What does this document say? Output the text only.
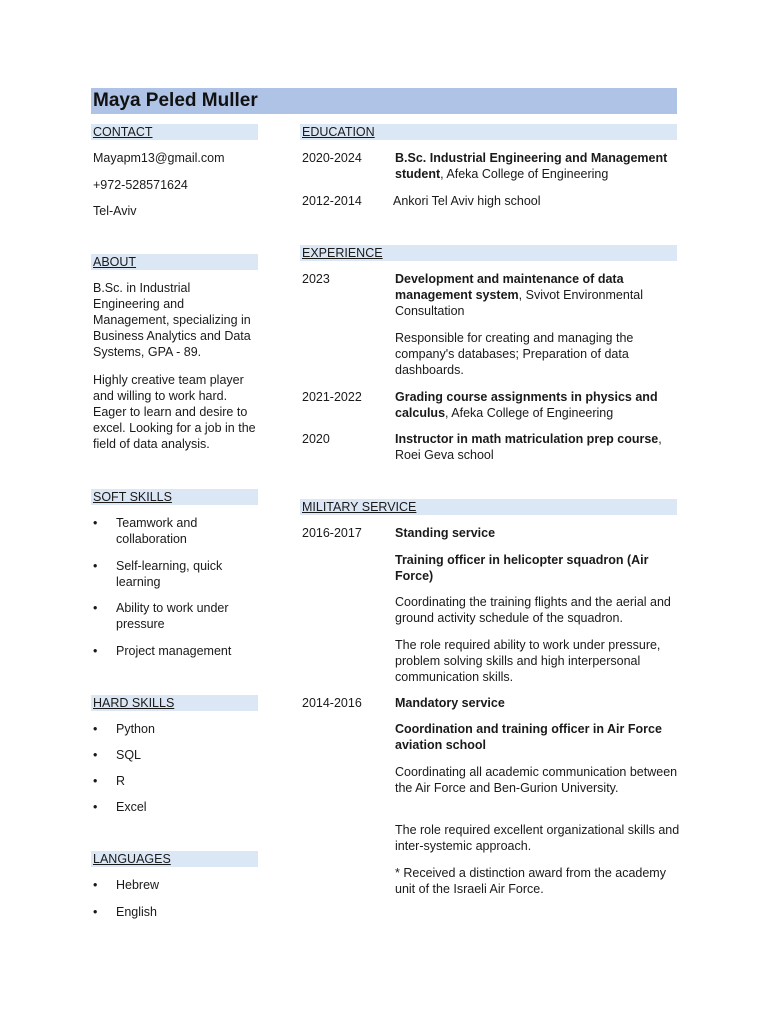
Maya Peled Muller
CONTACT
Mayapm13@gmail.com
+972-528571624
Tel-Aviv
ABOUT
B.Sc. in Industrial Engineering and Management, specializing in Business Analytics and Data Systems, GPA - 89.
Highly creative team player and willing to work hard. Eager to learn and desire to excel. Looking for a job in the field of data analysis.
SOFT SKILLS
• Teamwork and collaboration
• Self-learning, quick learning
• Ability to work under pressure
• Project management
HARD SKILLS
• Python
• SQL
• R
• Excel
LANGUAGES
• Hebrew
• English
EDUCATION
2020-2024	B.Sc. Industrial Engineering and Management student, Afeka College of Engineering
2012-2014 Ankori Tel Aviv high school
EXPERIENCE
2023	Development and maintenance of data management system, Svivot Environmental Consultation
Responsible for creating and managing the company's databases; Preparation of data dashboards.
2021-2022	Grading course assignments in physics and calculus, Afeka College of Engineering
2020	Instructor in math matriculation prep course, Roei Geva school
MILITARY SERVICE
2016-2017	Standing service
Training officer in helicopter squadron (Air Force)
Coordinating the training flights and the aerial and ground activity schedule of the squadron.
The role required ability to work under pressure, problem solving skills and high interpersonal communication skills.
2014-2016	Mandatory service
Coordination and training officer in Air Force aviation school
Coordinating all academic communication between the Air Force and Ben-Gurion University.
The role required excellent organizational skills and inter-systemic approach.
* Received a distinction award from the academy unit of the Israeli Air Force.
